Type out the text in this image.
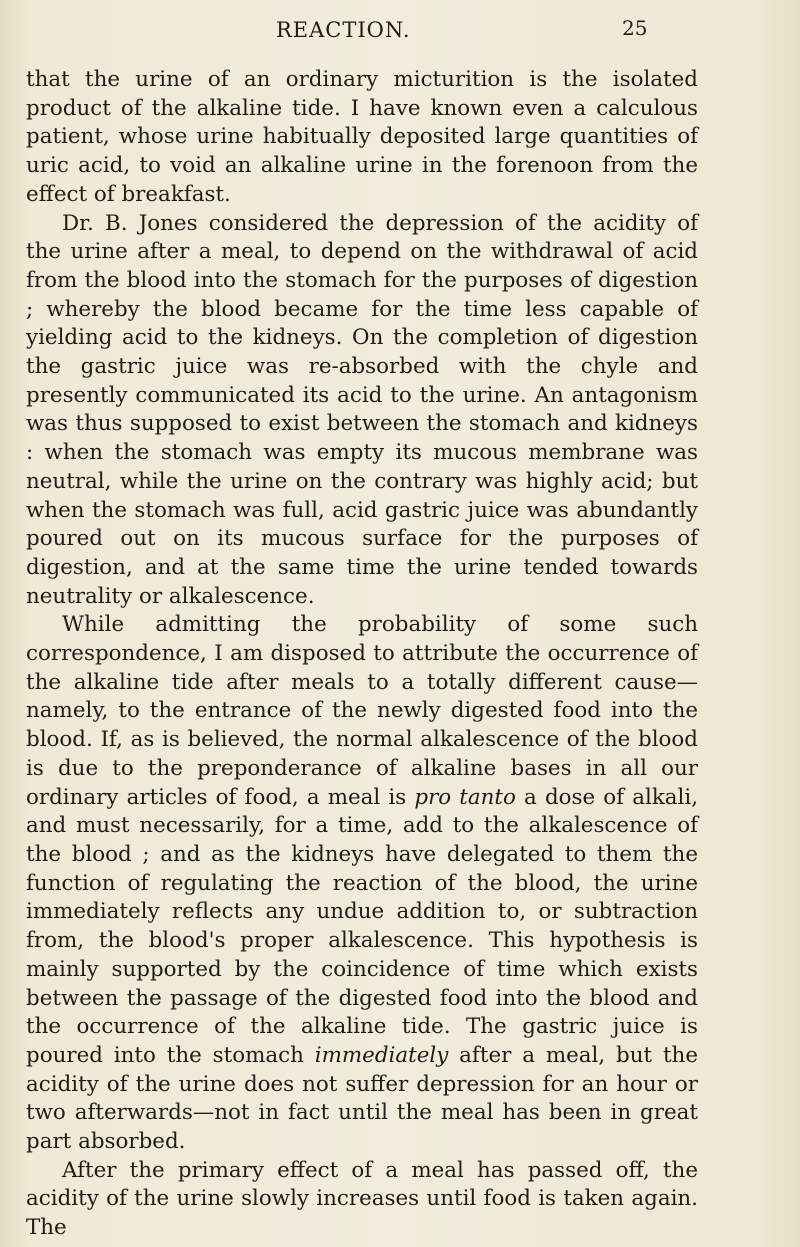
REACTION.	25

that the urine of an ordinary micturition is the isolated product of the alkaline tide. I have known even a calculous patient, whose urine habitually deposited large quantities of uric acid, to void an alkaline urine in the forenoon from the effect of breakfast.

Dr. B. Jones considered the depression of the acidity of the urine after a meal, to depend on the withdrawal of acid from the blood into the stomach for the purposes of digestion ; whereby the blood became for the time less capable of yielding acid to the kidneys. On the completion of digestion the gastric juice was re-absorbed with the chyle and presently communicated its acid to the urine. An antagonism was thus supposed to exist between the stomach and kidneys : when the stomach was empty its mucous membrane was neutral, while the urine on the contrary was highly acid; but when the stomach was full, acid gastric juice was abundantly poured out on its mucous surface for the purposes of digestion, and at the same time the urine tended towards neutrality or alkalescence.

While admitting the probability of some such correspondence, I am disposed to attribute the occurrence of the alkaline tide after meals to a totally different cause—namely, to the entrance of the newly digested food into the blood. If, as is believed, the normal alkalescence of the blood is due to the preponderance of alkaline bases in all our ordinary articles of food, a meal is pro tanto a dose of alkali, and must necessarily, for a time, add to the alkalescence of the blood ; and as the kidneys have delegated to them the function of regulating the reaction of the blood, the urine immediately reflects any undue addition to, or subtraction from, the blood's proper alkalescence. This hypothesis is mainly supported by the coincidence of time which exists between the passage of the digested food into the blood and the occurrence of the alkaline tide. The gastric juice is poured into the stomach immediately after a meal, but the acidity of the urine does not suffer depression for an hour or two afterwards—not in fact until the meal has been in great part absorbed.

After the primary effect of a meal has passed off, the acidity of the urine slowly increases until food is taken again. The
